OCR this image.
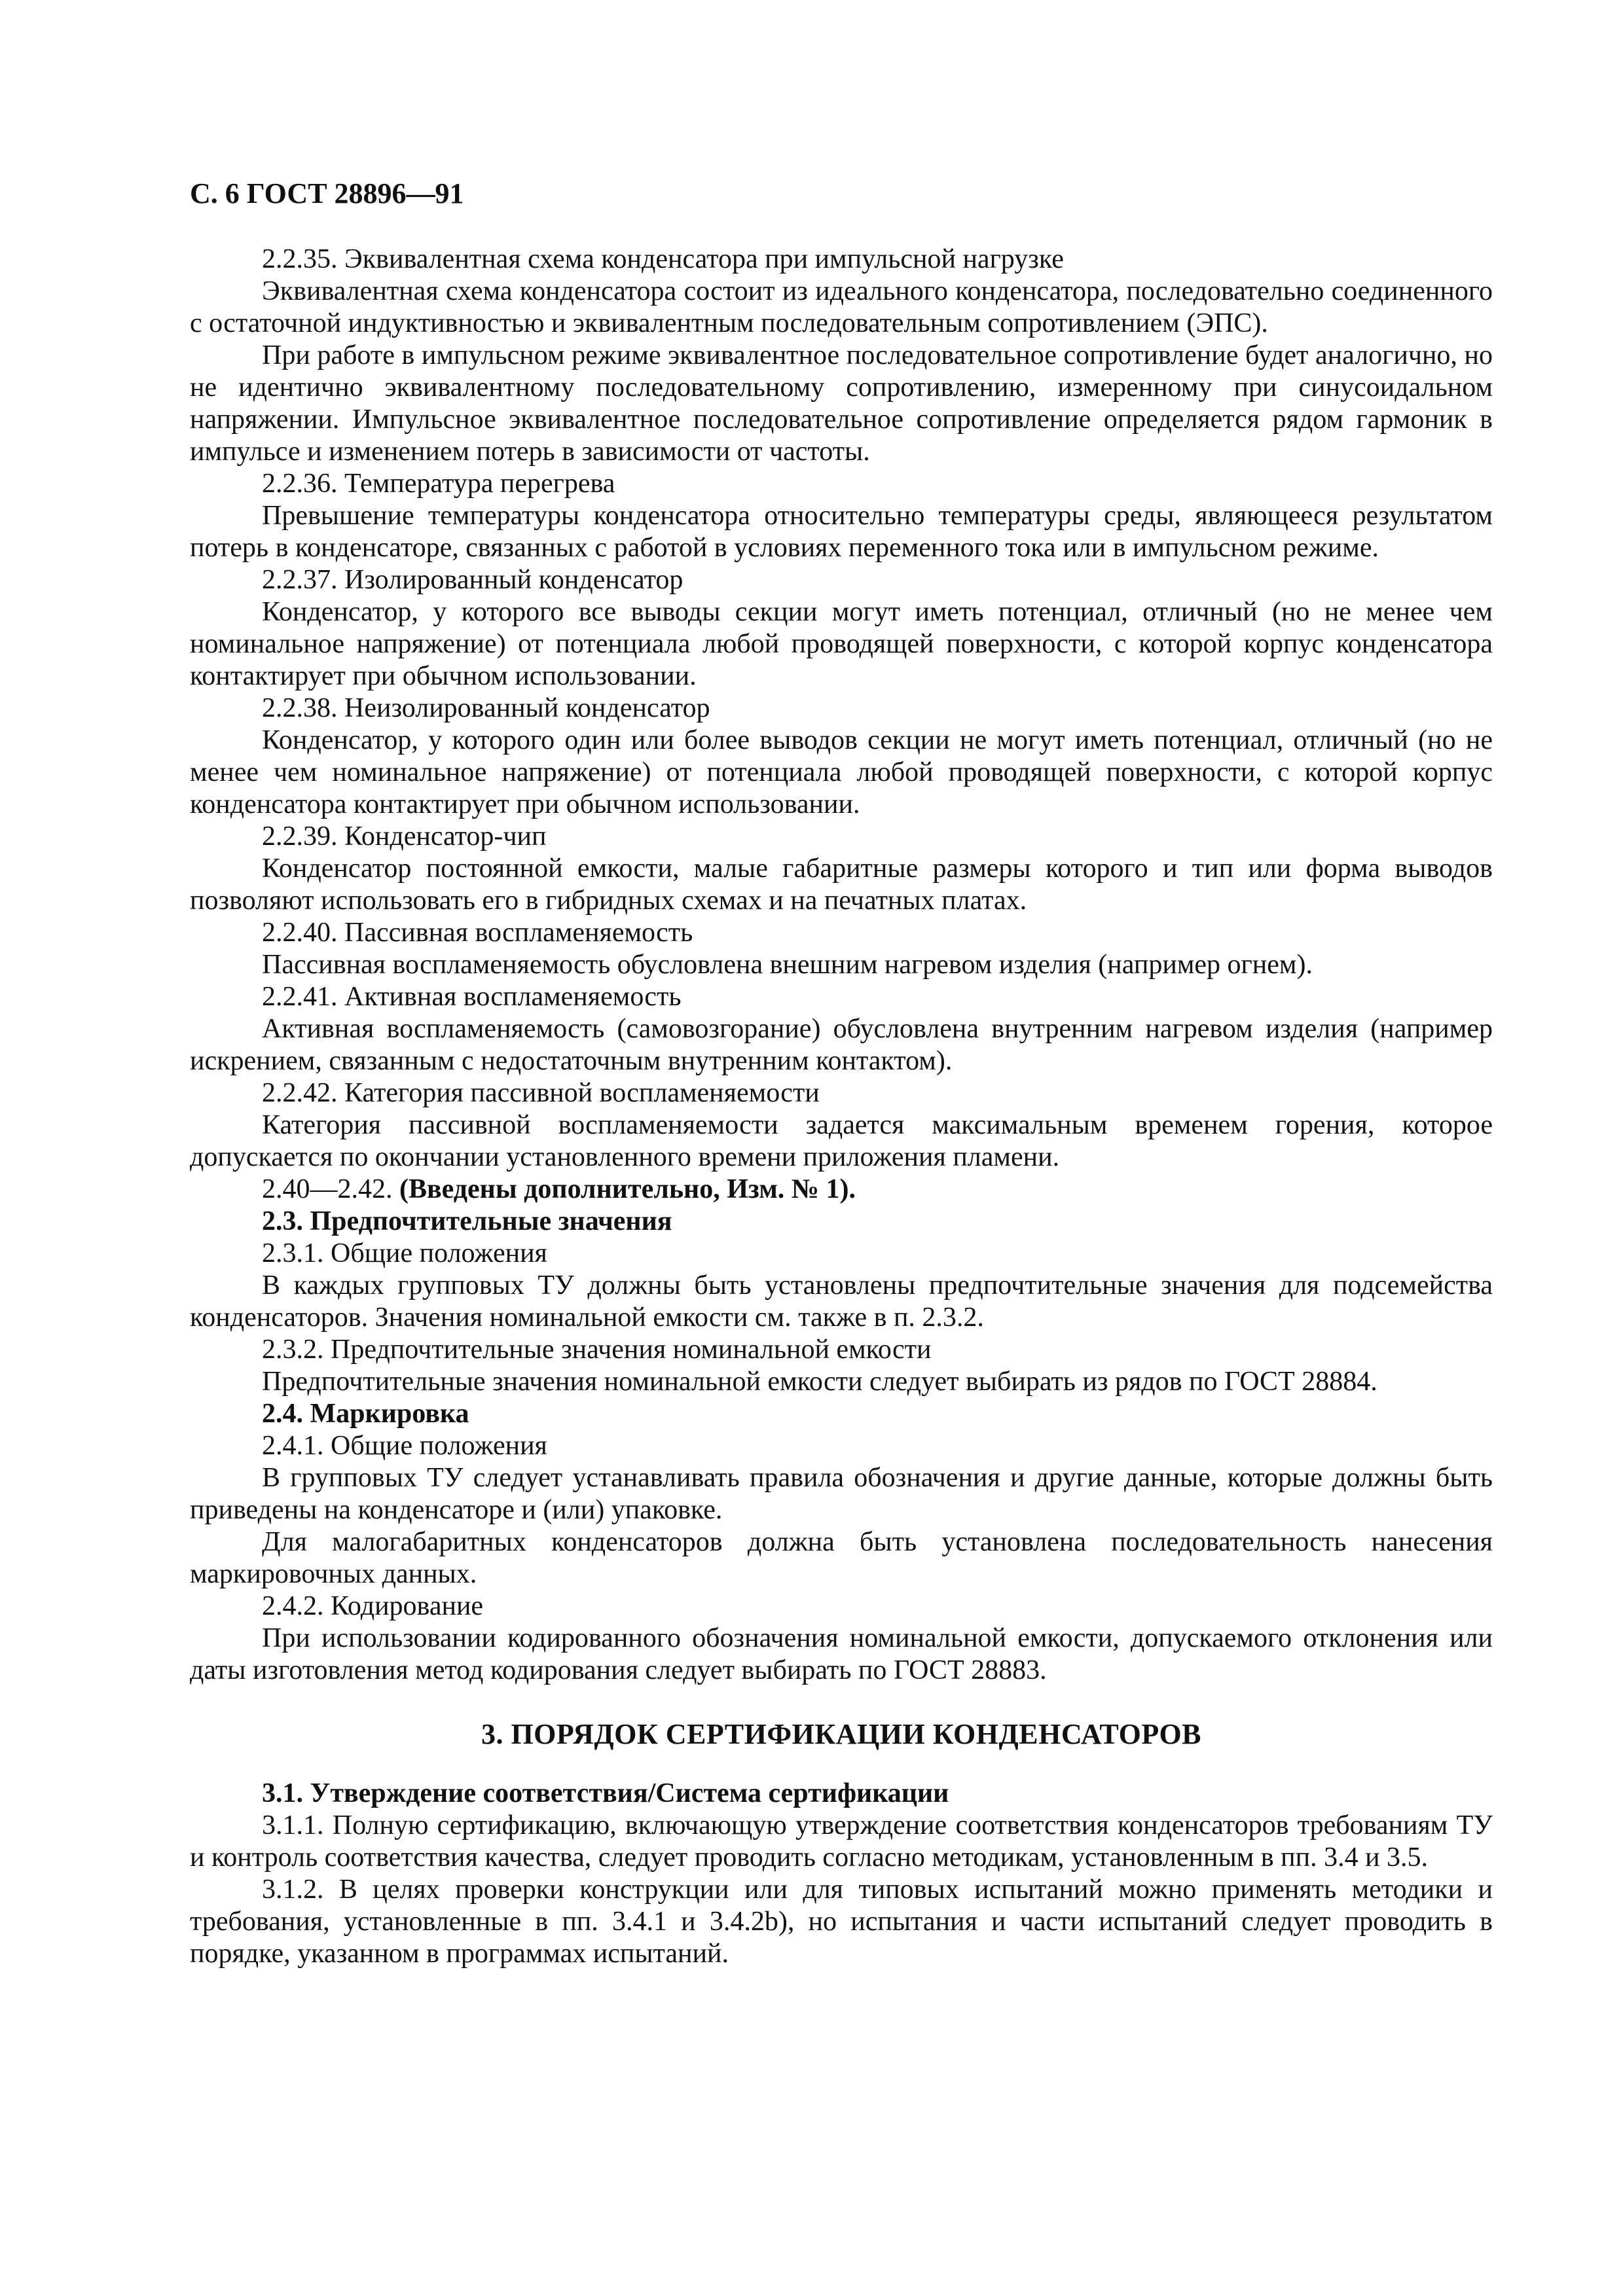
С. 6 ГОСТ 28896—91

2.2.35. Эквивалентная схема конденсатора при импульсной нагрузке

Эквивалентная схема конденсатора состоит из идеального конденсатора, последовательно соединенного с остаточной индуктивностью и эквивалентным последовательным сопротивлением (ЭПС).

При работе в импульсном режиме эквивалентное последовательное сопротивление будет аналогично, но не идентично эквивалентному последовательному сопротивлению, измеренному при синусоидальном напряжении. Импульсное эквивалентное последовательное сопротивление определяется рядом гармоник в импульсе и изменением потерь в зависимости от частоты.

2.2.36. Температура перегрева

Превышение температуры конденсатора относительно температуры среды, являющееся результатом потерь в конденсаторе, связанных с работой в условиях переменного тока или в импульсном режиме.

2.2.37. Изолированный конденсатор

Конденсатор, у которого все выводы секции могут иметь потенциал, отличный (но не менее чем номинальное напряжение) от потенциала любой проводящей поверхности, с которой корпус конденсатора контактирует при обычном использовании.

2.2.38. Неизолированный конденсатор

Конденсатор, у которого один или более выводов секции не могут иметь потенциал, отличный (но не менее чем номинальное напряжение) от потенциала любой проводящей поверхности, с которой корпус конденсатора контактирует при обычном использовании.

2.2.39. Конденсатор-чип

Конденсатор постоянной емкости, малые габаритные размеры которого и тип или форма выводов позволяют использовать его в гибридных схемах и на печатных платах.

2.2.40. Пассивная воспламеняемость

Пассивная воспламеняемость обусловлена внешним нагревом изделия (например огнем).

2.2.41. Активная воспламеняемость

Активная воспламеняемость (самовозгорание) обусловлена внутренним нагревом изделия (например искрением, связанным с недостаточным внутренним контактом).

2.2.42. Категория пассивной воспламеняемости

Категория пассивной воспламеняемости задается максимальным временем горения, которое допускается по окончании установленного времени приложения пламени.

2.40—2.42. (Введены дополнительно, Изм. № 1).

2.3. Предпочтительные значения

2.3.1. Общие положения

В каждых групповых ТУ должны быть установлены предпочтительные значения для подсемейства конденсаторов. Значения номинальной емкости см. также в п. 2.3.2.

2.3.2. Предпочтительные значения номинальной емкости

Предпочтительные значения номинальной емкости следует выбирать из рядов по ГОСТ 28884.

2.4. Маркировка

2.4.1. Общие положения

В групповых ТУ следует устанавливать правила обозначения и другие данные, которые должны быть приведены на конденсаторе и (или) упаковке.

Для малогабаритных конденсаторов должна быть установлена последовательность нанесения маркировочных данных.

2.4.2. Кодирование

При использовании кодированного обозначения номинальной емкости, допускаемого отклонения или даты изготовления метод кодирования следует выбирать по ГОСТ 28883.

3. ПОРЯДОК СЕРТИФИКАЦИИ КОНДЕНСАТОРОВ

3.1. Утверждение соответствия/Система сертификации

3.1.1. Полную сертификацию, включающую утверждение соответствия конденсаторов требованиям ТУ и контроль соответствия качества, следует проводить согласно методикам, установленным в пп. 3.4 и 3.5.

3.1.2. В целях проверки конструкции или для типовых испытаний можно применять методики и требования, установленные в пп. 3.4.1 и 3.4.2b), но испытания и части испытаний следует проводить в порядке, указанном в программах испытаний.
